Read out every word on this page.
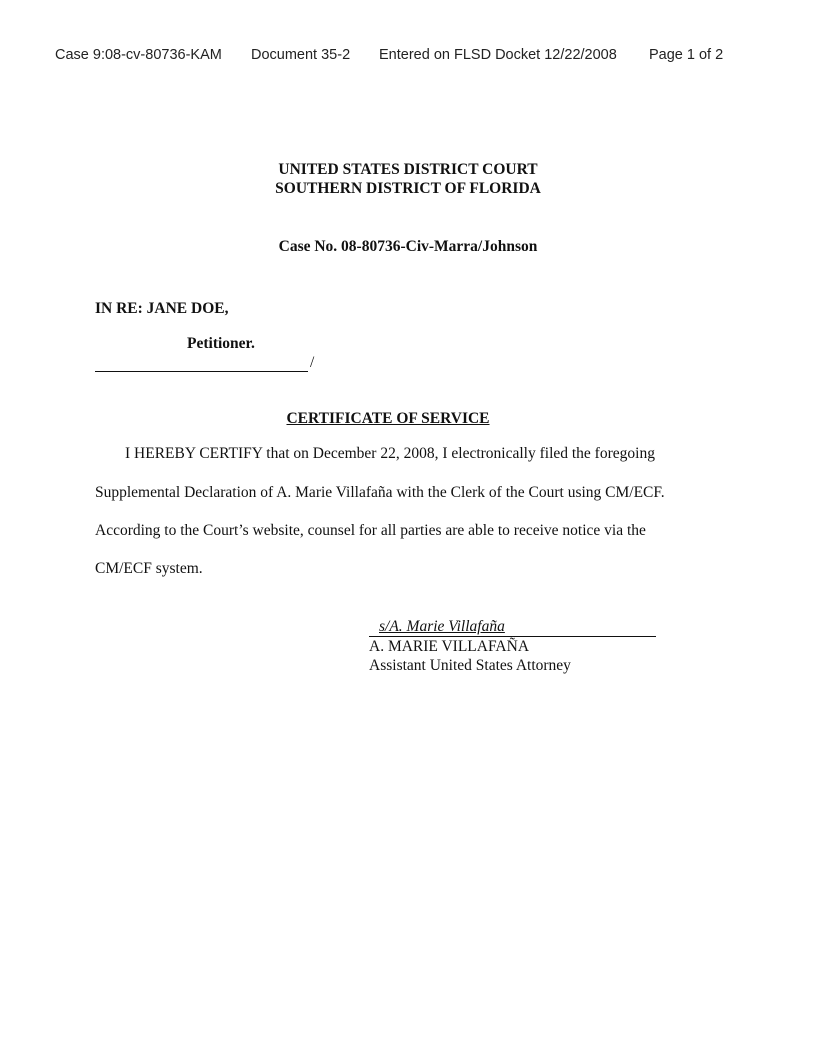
Case 9:08-cv-80736-KAM Document 35-2 Entered on FLSD Docket 12/22/2008 Page 1 of 2
UNITED STATES DISTRICT COURT
SOUTHERN DISTRICT OF FLORIDA
Case No. 08-80736-Civ-Marra/Johnson
IN RE: JANE DOE,
Petitioner.
/
CERTIFICATE OF SERVICE
I HEREBY CERTIFY that on December 22, 2008, I electronically filed the foregoing
Supplemental Declaration of A. Marie Villafaña with the Clerk of the Court using CM/ECF.
According to the Court’s website, counsel for all parties are able to receive notice via the
CM/ECF system.
s/A. Marie Villafaña
A. MARIE VILLAFAÑA
Assistant United States Attorney
